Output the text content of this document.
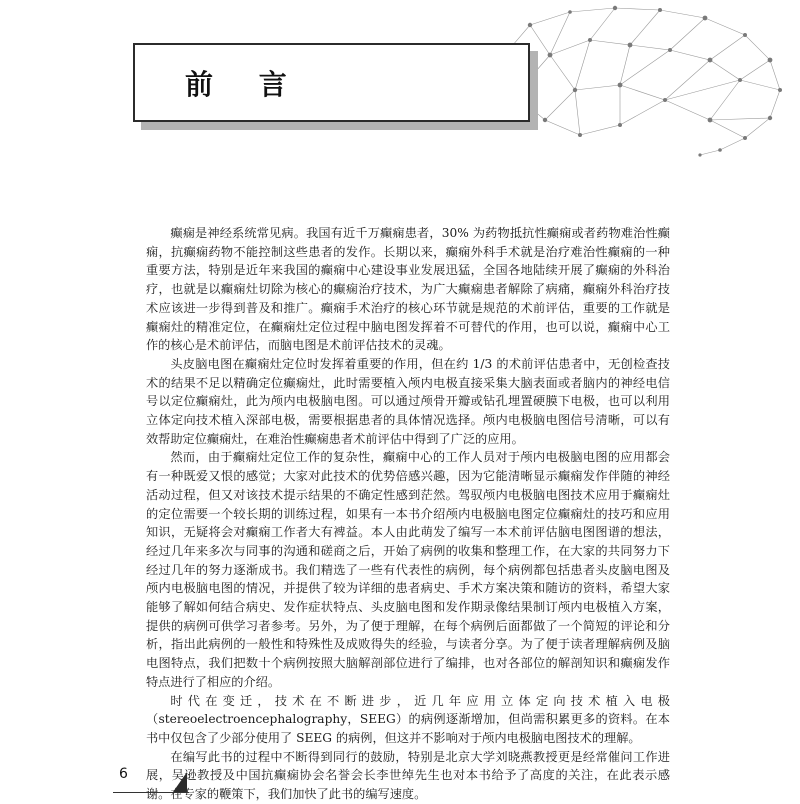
前 言

癫痫是神经系统常见病。我国有近千万癫痫患者，30% 为药物抵抗性癫痫或者药物难治性癫痫，抗癫痫药物不能控制这些患者的发作。长期以来，癫痫外科手术就是治疗难治性癫痫的一种重要方法，特别是近年来我国的癫痫中心建设事业发展迅猛，全国各地陆续开展了癫痫的外科治疗，也就是以癫痫灶切除为核心的癫痫治疗技术，为广大癫痫患者解除了病痛，癫痫外科治疗技术应该进一步得到普及和推广。癫痫手术治疗的核心环节就是规范的术前评估，重要的工作就是癫痫灶的精准定位，在癫痫灶定位过程中脑电图发挥着不可替代的作用，也可以说，癫痫中心工作的核心是术前评估，而脑电图是术前评估技术的灵魂。

头皮脑电图在癫痫灶定位时发挥着重要的作用，但在约 1/3 的术前评估患者中，无创检查技术的结果不足以精确定位癫痫灶，此时需要植入颅内电极直接采集大脑表面或者脑内的神经电信号以定位癫痫灶，此为颅内电极脑电图。可以通过颅骨开瓣或钻孔埋置硬膜下电极，也可以利用立体定向技术植入深部电极，需要根据患者的具体情况选择。颅内电极脑电图信号清晰，可以有效帮助定位癫痫灶，在难治性癫痫患者术前评估中得到了广泛的应用。

然而，由于癫痫灶定位工作的复杂性，癫痫中心的工作人员对于颅内电极脑电图的应用都会有一种既爱又恨的感觉；大家对此技术的优势倍感兴趣，因为它能清晰显示癫痫发作伴随的神经活动过程，但又对该技术提示结果的不确定性感到茫然。驾驭颅内电极脑电图技术应用于癫痫灶的定位需要一个较长期的训练过程，如果有一本书介绍颅内电极脑电图定位癫痫灶的技巧和应用知识，无疑将会对癫痫工作者大有裨益。本人由此萌发了编写一本术前评估脑电图图谱的想法，经过几年来多次与同事的沟通和磋商之后，开始了病例的收集和整理工作，在大家的共同努力下经过几年的努力逐渐成书。我们精选了一些有代表性的病例，每个病例都包括患者头皮脑电图及颅内电极脑电图的情况，并提供了较为详细的患者病史、手术方案决策和随访的资料，希望大家能够了解如何结合病史、发作症状特点、头皮脑电图和发作期录像结果制订颅内电极植入方案，提供的病例可供学习者参考。另外，为了便于理解，在每个病例后面都做了一个简短的评论和分析，指出此病例的一般性和特殊性及成败得失的经验，与读者分享。为了便于读者理解病例及脑电图特点，我们把数十个病例按照大脑解剖部位进行了编排，也对各部位的解剖知识和癫痫发作特点进行了相应的介绍。

时代在变迁，技术在不断进步，近几年应用立体定向技术植入电极（stereoelectroencephalography，SEEG）的病例逐渐增加，但尚需积累更多的资料。在本书中仅包含了少部分使用了 SEEG 的病例，但这并不影响对于颅内电极脑电图技术的理解。

在编写此书的过程中不断得到同行的鼓励，特别是北京大学刘晓燕教授更是经常催问工作进展，吴逊教授及中国抗癫痫协会名誉会长李世绰先生也对本书给予了高度的关注，在此表示感谢。在专家的鞭策下，我们加快了此书的编写速度。

6
